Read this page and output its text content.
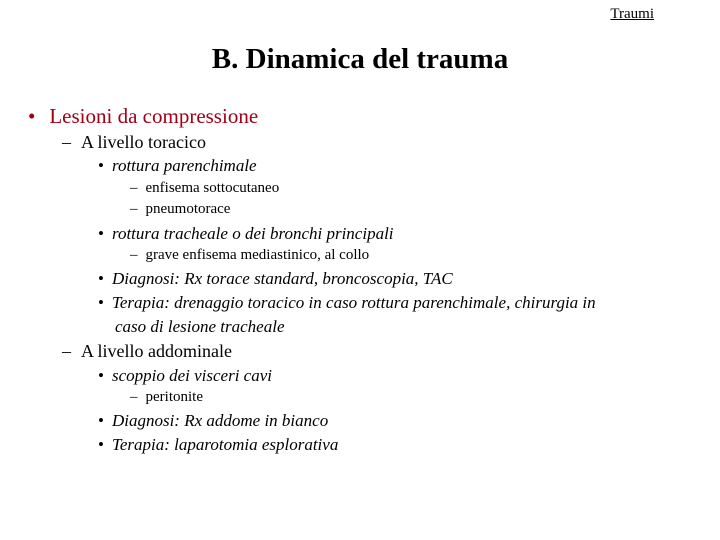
Traumi
B. Dinamica del trauma
• Lesioni da compressione
– A livello toracico
• rottura parenchimale
– enfisema sottocutaneo
– pneumotorace
• rottura tracheale o dei bronchi principali
– grave enfisema mediastinico, al collo
• Diagnosi: Rx torace standard, broncoscopia, TAC
• Terapia: drenaggio toracico in caso rottura parenchimale, chirurgia in
caso di lesione tracheale
– A livello addominale
• scoppio dei visceri cavi
– peritonite
• Diagnosi: Rx addome in bianco
• Terapia: laparotomia esplorativa
